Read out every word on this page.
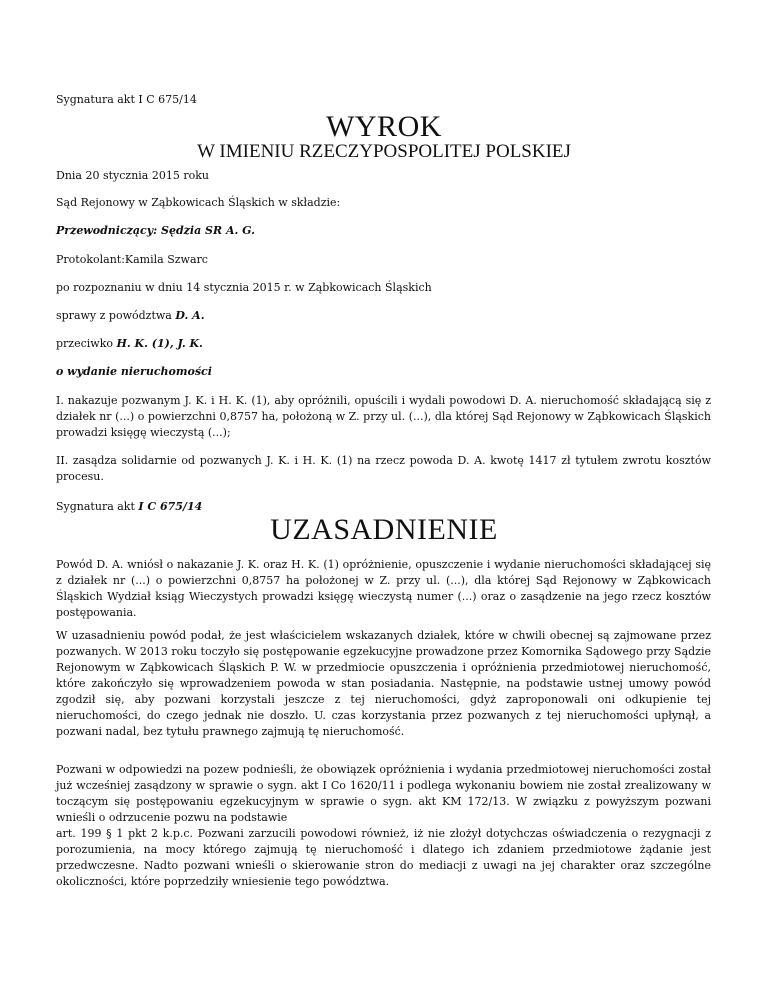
Sygnatura akt I C 675/14

WYROK
W IMIENIU RZECZYPOSPOLITEJ POLSKIEJ

Dnia 20 stycznia 2015 roku

Sąd Rejonowy w Ząbkowicach Śląskich w składzie:

Przewodniczący: Sędzia SR A. G.

Protokolant:Kamila Szwarc

po rozpoznaniu w dniu 14 stycznia 2015 r. w Ząbkowicach Śląskich

sprawy z powództwa D. A.

przeciwko H. K. (1), J. K.

o wydanie nieruchomości

I. nakazuje pozwanym J. K. i H. K. (1), aby opróżnili, opuścili i wydali powodowi D. A. nieruchomość składającą się z działek nr (...) o powierzchni 0,8757 ha, położoną w Z. przy ul. (...), dla której Sąd Rejonowy w Ząbkowicach Śląskich prowadzi księgę wieczystą (...);

II. zasądza solidarnie od pozwanych J. K. i H. K. (1) na rzecz powoda D. A. kwotę 1417 zł tytułem zwrotu kosztów procesu.

Sygnatura akt I C 675/14

UZASADNIENIE

Powód D. A. wniósł o nakazanie J. K. oraz H. K. (1) opróżnienie, opuszczenie i wydanie nieruchomości składającej się z działek nr (...) o powierzchni 0,8757 ha położonej w Z. przy ul. (...), dla której Sąd Rejonowy w Ząbkowicach Śląskich Wydział ksiąg Wieczystych prowadzi księgę wieczystą numer (...) oraz o zasądzenie na jego rzecz kosztów postępowania.

W uzasadnieniu powód podał, że jest właścicielem wskazanych działek, które w chwili obecnej są zajmowane przez pozwanych. W 2013 roku toczyło się postępowanie egzekucyjne prowadzone przez Komornika Sądowego przy Sądzie Rejonowym w Ząbkowicach Śląskich P. W. w przedmiocie opuszczenia i opróżnienia przedmiotowej nieruchomość, które zakończyło się wprowadzeniem powoda w stan posiadania. Następnie, na podstawie ustnej umowy powód zgodził się, aby pozwani korzystali jeszcze z tej nieruchomości, gdyż zaproponowali oni odkupienie tej nieruchomości, do czego jednak nie doszło. U. czas korzystania przez pozwanych z tej nieruchomości upłynął, a pozwani nadal, bez tytułu prawnego zajmują tę nieruchomość.

Pozwani w odpowiedzi na pozew podnieśli, że obowiązek opróżnienia i wydania przedmiotowej nieruchomości został już wcześniej zasądzony w sprawie o sygn. akt I Co 1620/11 i podlega wykonaniu bowiem nie został zrealizowany w toczącym się postępowaniu egzekucyjnym w sprawie o sygn. akt KM 172/13. W związku z powyższym pozwani wnieśli o odrzucenie pozwu na podstawie

art. 199 § 1 pkt 2 k.p.c. Pozwani zarzucili powodowi również, iż nie złożył dotychczas oświadczenia o rezygnacji z porozumienia, na mocy którego zajmują tę nieruchomość i dlatego ich zdaniem przedmiotowe żądanie jest przedwczesne. Nadto pozwani wnieśli o skierowanie stron do mediacji z uwagi na jej charakter oraz szczególne okoliczności, które poprzedziły wniesienie tego powództwa.
